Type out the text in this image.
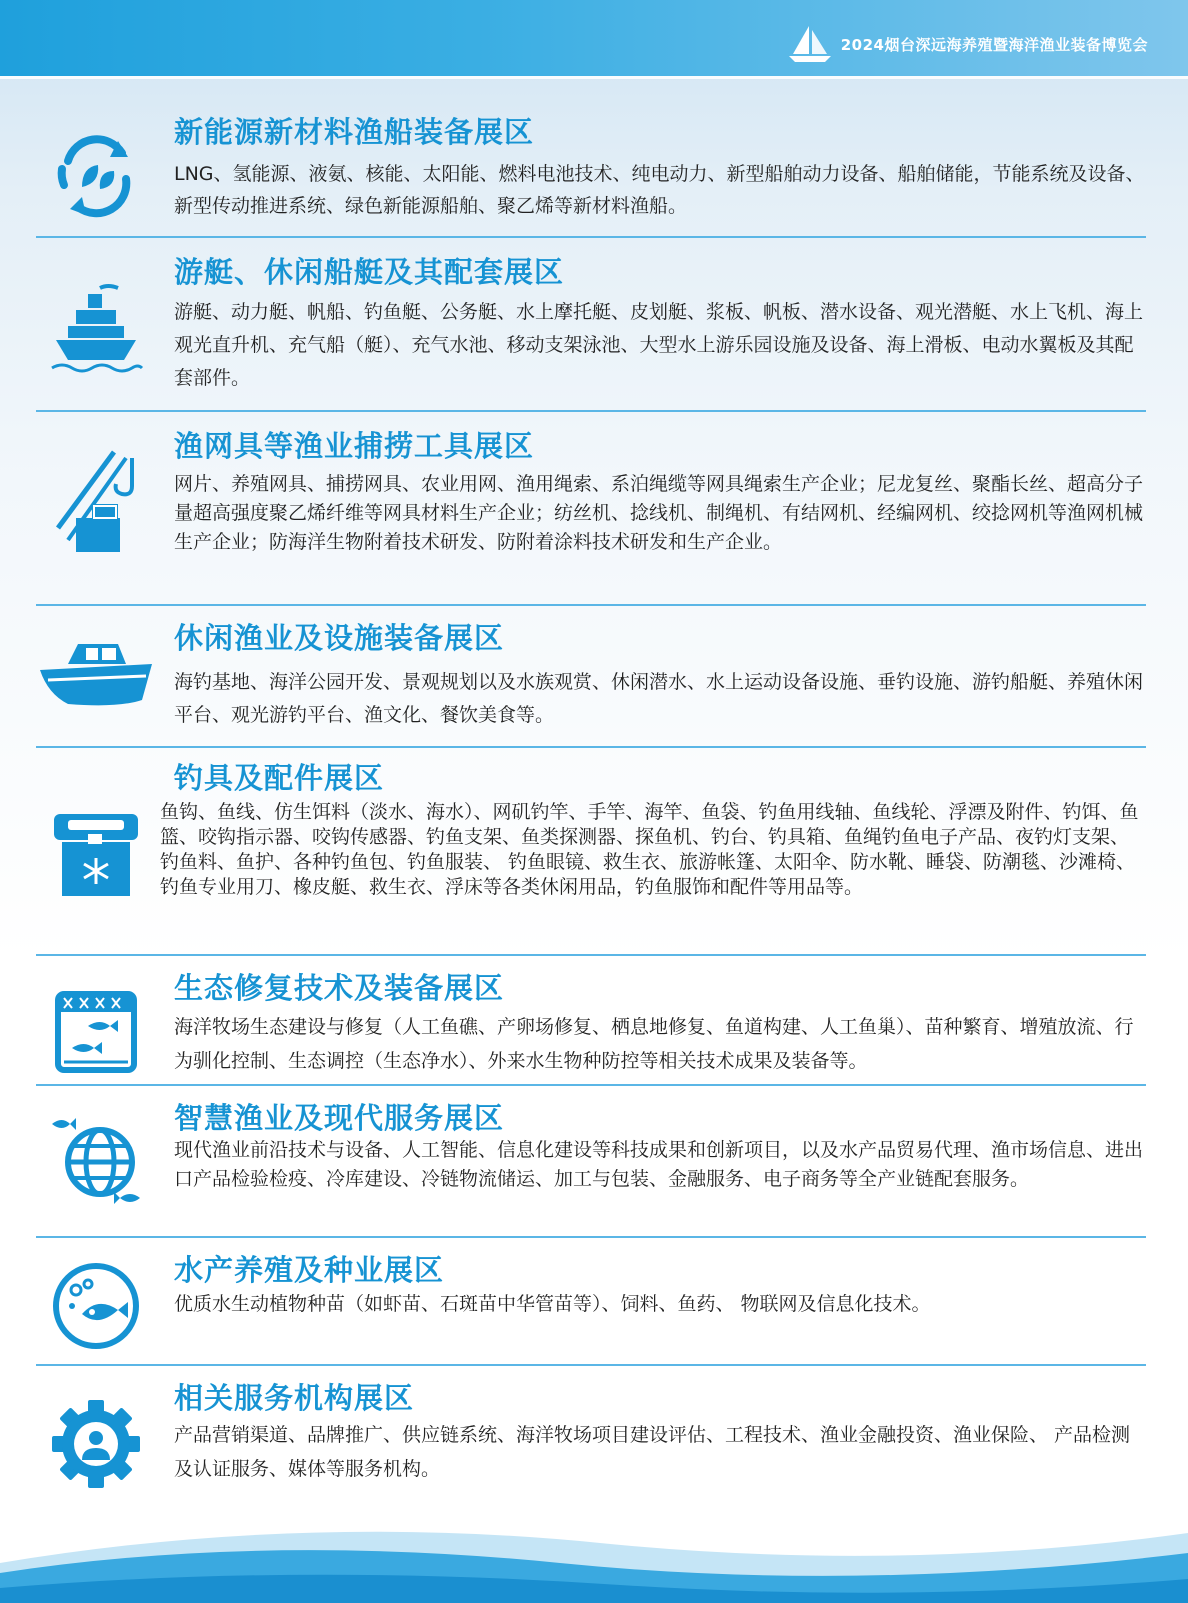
2024烟台深远海养殖暨海洋渔业装备博览会
新能源新材料渔船装备展区
LNG、氢能源、液氨、核能、太阳能、燃料电池技术、纯电动力、新型船舶动力设备、船舶储能，节能系统及设备、新型传动推进系统、绿色新能源船舶、聚乙烯等新材料渔船。
游艇、休闲船艇及其配套展区
游艇、动力艇、帆船、钓鱼艇、公务艇、水上摩托艇、皮划艇、浆板、帆板、潜水设备、观光潜艇、水上飞机、海上观光直升机、充气船（艇）、充气水池、移动支架泳池、大型水上游乐园设施及设备、海上滑板、电动水翼板及其配套部件。
渔网具等渔业捕捞工具展区
网片、养殖网具、捕捞网具、农业用网、渔用绳索、系泊绳缆等网具绳索生产企业；尼龙复丝、聚酯长丝、超高分子量超高强度聚乙烯纤维等网具材料生产企业；纺丝机、捻线机、制绳机、有结网机、经编网机、绞捻网机等渔网机械生产企业；防海洋生物附着技术研发、防附着涂料技术研发和生产企业。
休闲渔业及设施装备展区
海钓基地、海洋公园开发、景观规划以及水族观赏、休闲潜水、水上运动设备设施、垂钓设施、游钓船艇、养殖休闲平台、观光游钓平台、渔文化、餐饮美食等。
钓具及配件展区
鱼钩、鱼线、仿生饵料（淡水、海水）、网矶钓竿、手竿、海竿、鱼袋、钓鱼用线轴、鱼线轮、浮漂及附件、钓饵、鱼篮、咬钩指示器、咬钩传感器、钓鱼支架、鱼类探测器、探鱼机、钓台、钓具箱、鱼绳钓鱼电子产品、夜钓灯支架、钓鱼料、鱼护、各种钓鱼包、钓鱼服装、 钓鱼眼镜、救生衣、旅游帐篷、太阳伞、防水靴、睡袋、防潮毯、沙滩椅、钓鱼专业用刀、橡皮艇、救生衣、浮床等各类休闲用品，钓鱼服饰和配件等用品等。
生态修复技术及装备展区
海洋牧场生态建设与修复（人工鱼礁、产卵场修复、栖息地修复、鱼道构建、人工鱼巢）、苗种繁育、增殖放流、行为驯化控制、生态调控（生态净水）、外来水生物种防控等相关技术成果及装备等。
智慧渔业及现代服务展区
现代渔业前沿技术与设备、人工智能、信息化建设等科技成果和创新项目，以及水产品贸易代理、渔市场信息、进出口产品检验检疫、冷库建设、冷链物流储运、加工与包装、金融服务、电子商务等全产业链配套服务。
水产养殖及种业展区
优质水生动植物种苗（如虾苗、石斑苗中华管苗等）、饲料、鱼药、 物联网及信息化技术。
相关服务机构展区
产品营销渠道、品牌推广、供应链系统、海洋牧场项目建设评估、工程技术、渔业金融投资、渔业保险、 产品检测及认证服务、媒体等服务机构。
